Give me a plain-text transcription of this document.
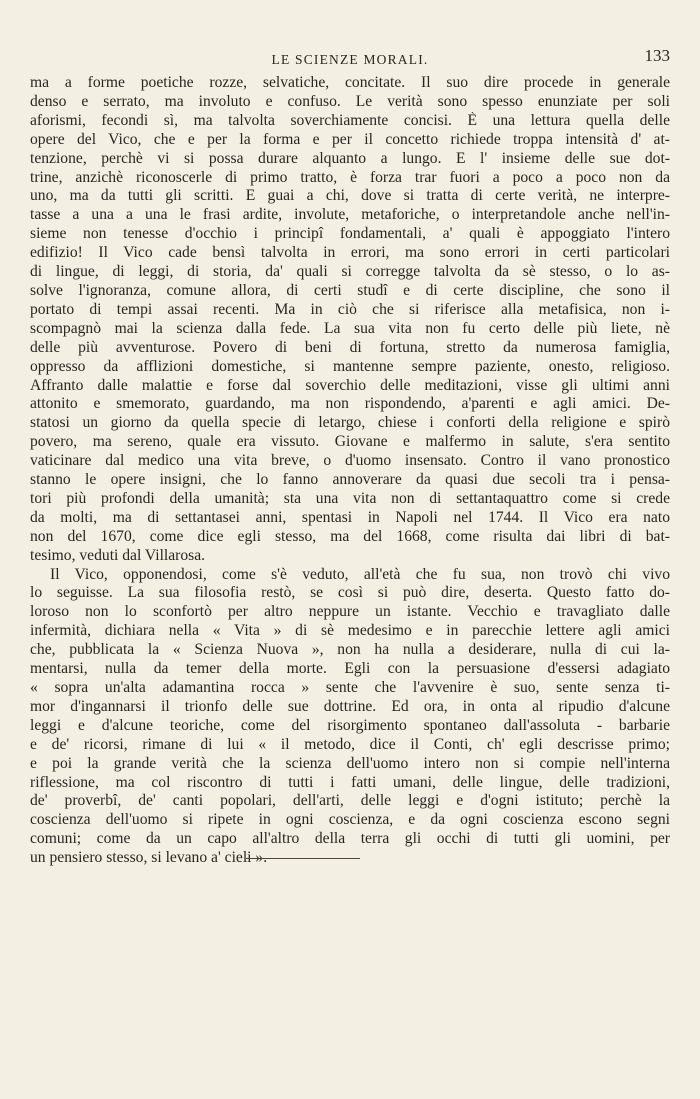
LE SCIENZE MORALI.	133
ma a forme poetiche rozze, selvatiche, concitate. Il suo dire procede in generale
denso e serrato, ma involuto e confuso. Le verità sono spesso enunziate per soli
aforismi, fecondi sì, ma talvolta soverchiamente concisi. È una lettura quella delle
opere del Vico, che e per la forma e per il concetto richiede troppa intensità d' at-
tenzione, perchè vi si possa durare alquanto a lungo. E l' insieme delle sue dot-
trine, anzichè riconoscerle di primo tratto, è forza trar fuori a poco a poco non da
uno, ma da tutti gli scritti. E guai a chi, dove si tratta di certe verità, ne interpre-
tasse a una a una le frasi ardite, involute, metaforiche, o interpretandole anche nell'in-
sieme non tenesse d'occhio i principî fondamentali, a' quali è appoggiato l'intero
edifizio! Il Vico cade bensì talvolta in errori, ma sono errori in certi particolari
di lingue, di leggi, di storia, da' quali si corregge talvolta da sè stesso, o lo as-
solve l'ignoranza, comune allora, di certi studî e di certe discipline, che sono il
portato di tempi assai recenti. Ma in ciò che si riferisce alla metafisica, non i-
scompagnò mai la scienza dalla fede. La sua vita non fu certo delle più liete, nè
delle più avventurose. Povero di beni di fortuna, stretto da numerosa famiglia,
oppresso da afflizioni domestiche, si mantenne sempre paziente, onesto, religioso.
Affranto dalle malattie e forse dal soverchio delle meditazioni, visse gli ultimi anni
attonito e smemorato, guardando, ma non rispondendo, a'parenti e agli amici. De-
statosi un giorno da quella specie di letargo, chiese i conforti della religione e spirò
povero, ma sereno, quale era vissuto. Giovane e malfermo in salute, s'era sentito
vaticinare dal medico una vita breve, o d'uomo insensato. Contro il vano pronostico
stanno le opere insigni, che lo fanno annoverare da quasi due secoli tra i pensa-
tori più profondi della umanità; sta una vita non di settantaquattro come si crede
da molti, ma di settantasei anni, spentasi in Napoli nel 1744. Il Vico era nato
non del 1670, come dice egli stesso, ma del 1668, come risulta dai libri di bat-
tesimo, veduti dal Villarosa.
Il Vico, opponendosi, come s'è veduto, all'età che fu sua, non trovò chi vivo
lo seguisse. La sua filosofia restò, se così si può dire, deserta. Questo fatto do-
loroso non lo sconfortò per altro neppure un istante. Vecchio e travagliato dalle
infermità, dichiara nella « Vita » di sè medesimo e in parecchie lettere agli amici
che, pubblicata la « Scienza Nuova », non ha nulla a desiderare, nulla di cui la-
mentarsi, nulla da temer della morte. Egli con la persuasione d'essersi adagiato
« sopra un'alta adamantina rocca » sente che l'avvenire è suo, sente senza ti-
mor d'ingannarsi il trionfo delle sue dottrine. Ed ora, in onta al ripudio d'alcune
leggi e d'alcune teoriche, come del risorgimento spontaneo dall'assoluta - barbarie
e de' ricorsi, rimane di lui « il metodo, dice il Conti, ch' egli descrisse primo;
e poi la grande verità che la scienza dell'uomo intero non si compie nell'interna
riflessione, ma col riscontro di tutti i fatti umani, delle lingue, delle tradizioni,
de' proverbî, de' canti popolari, dell'arti, delle leggi e d'ogni istituto; perchè la
coscienza dell'uomo si ripete in ogni coscienza, e da ogni coscienza escono segni
comuni; come da un capo all'altro della terra gli occhi di tutti gli uomini, per
un pensiero stesso, si levano a' cieli ».
